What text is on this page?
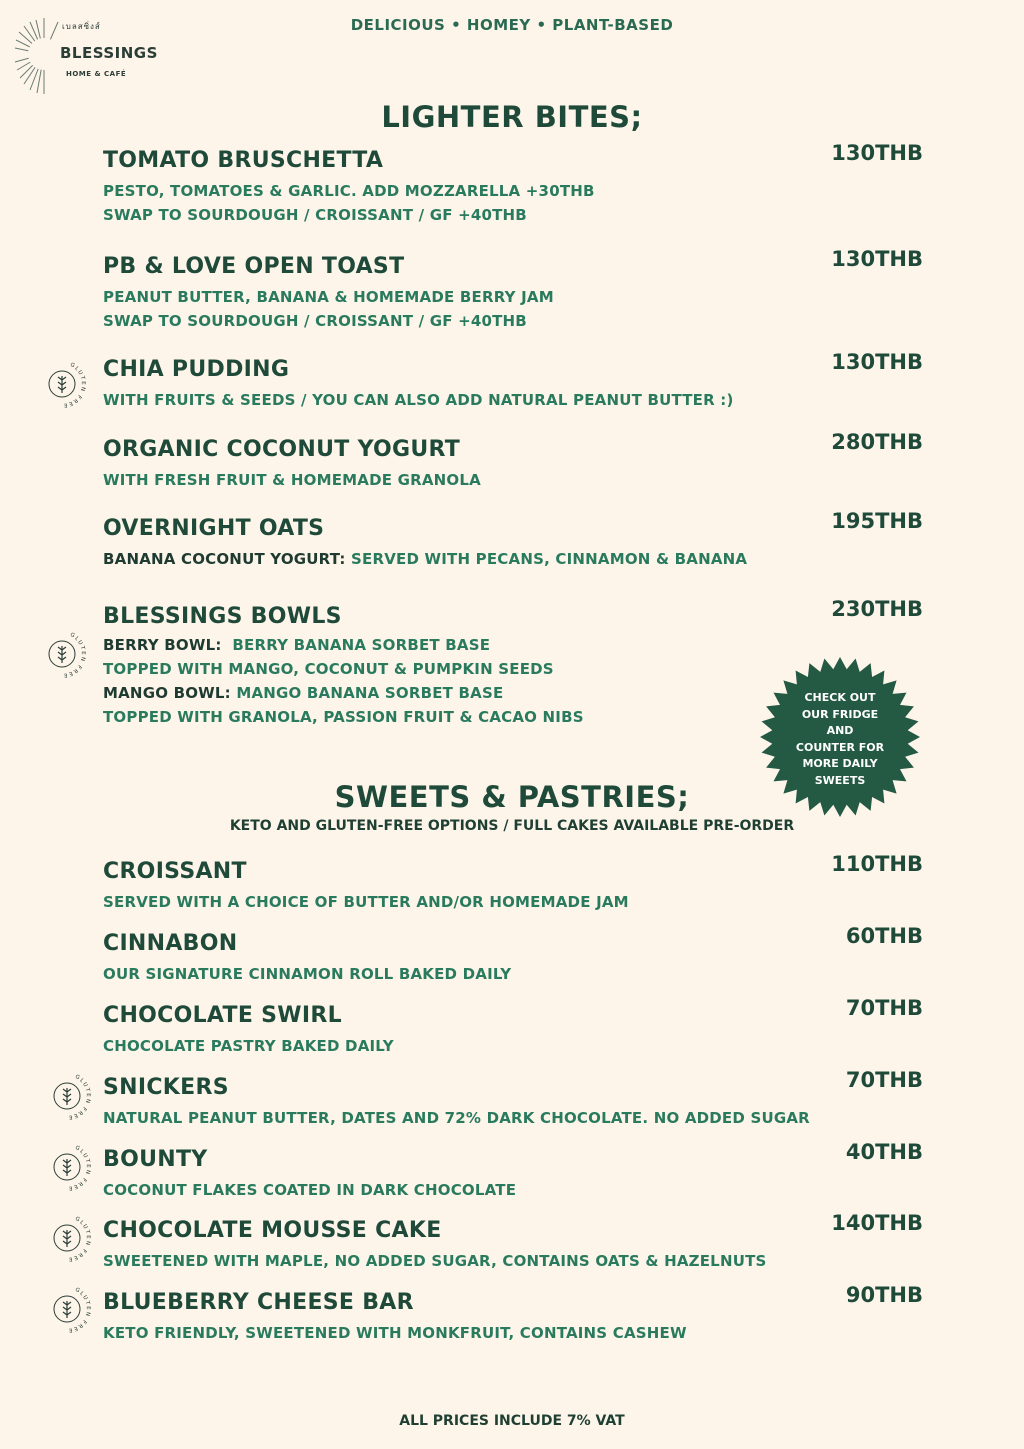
เบลสซิ่งส์
BLESSINGS
HOME & CAFÉ
DELICIOUS • HOMEY • PLANT-BASED
LIGHTER BITES;
TOMATO BRUSCHETTA	130THB
PESTO, TOMATOES & GARLIC. ADD MOZZARELLA +30THB
SWAP TO SOURDOUGH / CROISSANT / GF +40THB
PB & LOVE OPEN TOAST	130THB
PEANUT BUTTER, BANANA & HOMEMADE BERRY JAM
SWAP TO SOURDOUGH / CROISSANT / GF +40THB
CHIA PUDDING	130THB
WITH FRUITS & SEEDS / YOU CAN ALSO ADD NATURAL PEANUT BUTTER :)
ORGANIC COCONUT YOGURT	280THB
WITH FRESH FRUIT & HOMEMADE GRANOLA
OVERNIGHT OATS	195THB
BANANA COCONUT YOGURT: SERVED WITH PECANS, CINNAMON & BANANA
BLESSINGS BOWLS	230THB
BERRY BOWL: BERRY BANANA SORBET BASE
TOPPED WITH MANGO, COCONUT & PUMPKIN SEEDS
MANGO BOWL: MANGO BANANA SORBET BASE
TOPPED WITH GRANOLA, PASSION FRUIT & CACAO NIBS
CHECK OUT
OUR FRIDGE
AND
COUNTER FOR
MORE DAILY
SWEETS
SWEETS & PASTRIES;
KETO AND GLUTEN-FREE OPTIONS / FULL CAKES AVAILABLE PRE-ORDER
CROISSANT	110THB
SERVED WITH A CHOICE OF BUTTER AND/OR HOMEMADE JAM
CINNABON	60THB
OUR SIGNATURE CINNAMON ROLL BAKED DAILY
CHOCOLATE SWIRL	70THB
CHOCOLATE PASTRY BAKED DAILY
SNICKERS	70THB
NATURAL PEANUT BUTTER, DATES AND 72% DARK CHOCOLATE. NO ADDED SUGAR
BOUNTY	40THB
COCONUT FLAKES COATED IN DARK CHOCOLATE
CHOCOLATE MOUSSE CAKE	140THB
SWEETENED WITH MAPLE, NO ADDED SUGAR, CONTAINS OATS & HAZELNUTS
BLUEBERRY CHEESE BAR	90THB
KETO FRIENDLY, SWEETENED WITH MONKFRUIT, CONTAINS CASHEW
GLUTEN FREE
GLUTEN FREE
GLUTEN FREE
GLUTEN FREE
GLUTEN FREE
GLUTEN FREE
ALL PRICES INCLUDE 7% VAT
